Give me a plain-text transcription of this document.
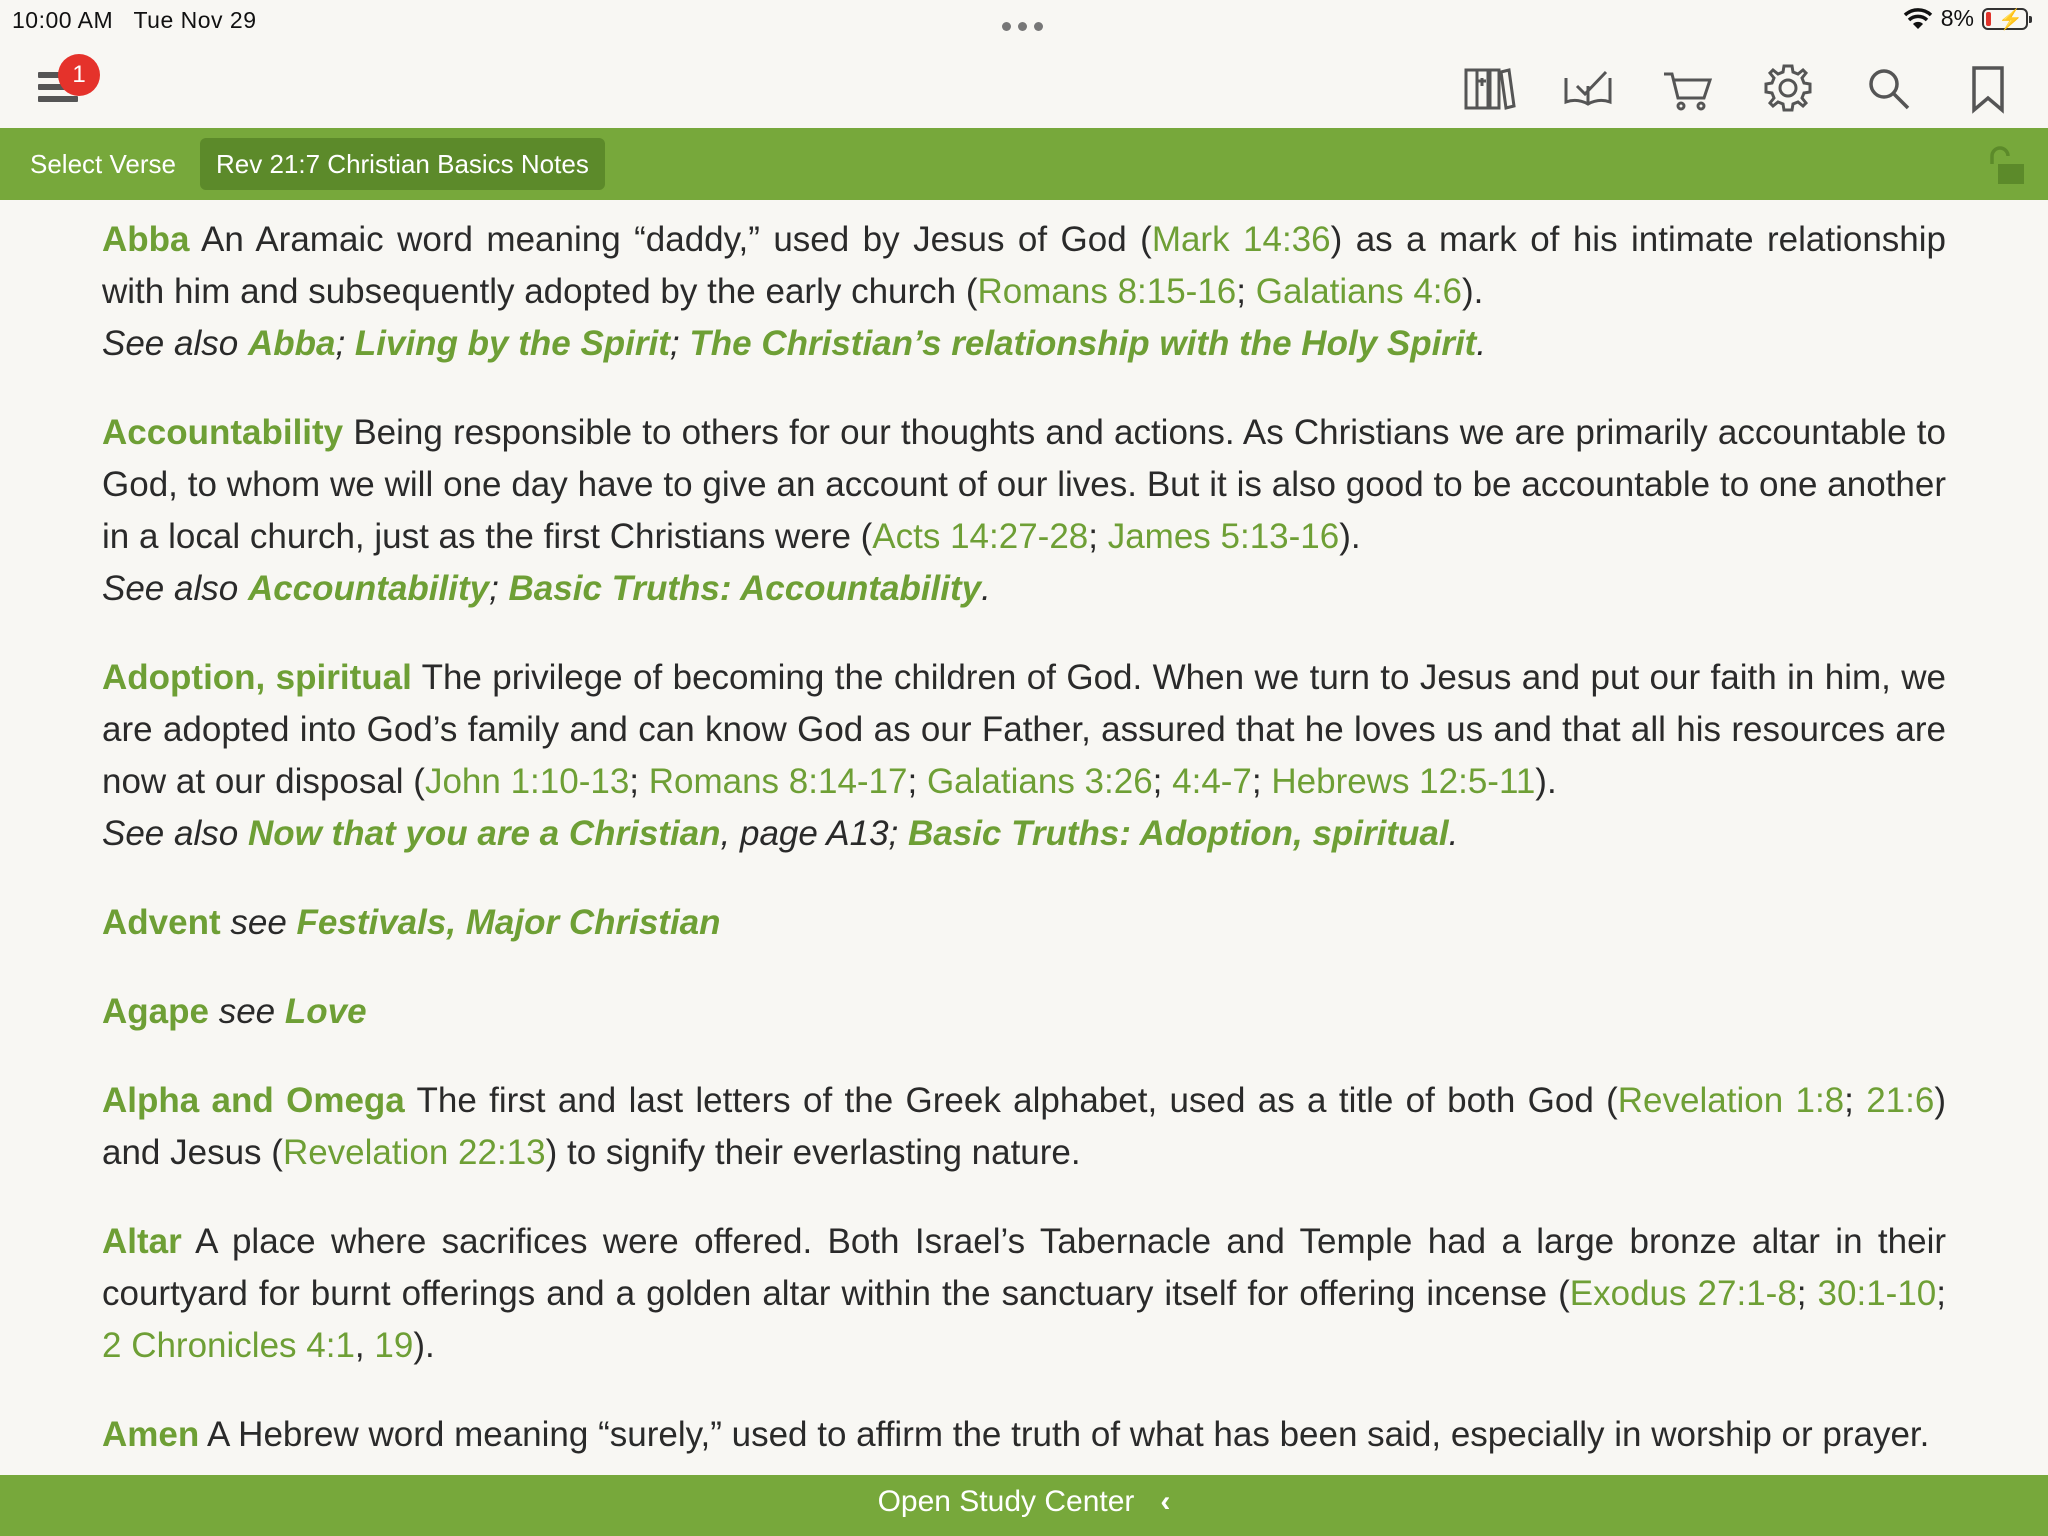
10:00 AM Tue Nov 29	8% ⚡
1
Select Verse	Rev 21:7 Christian Basics Notes
Abba An Aramaic word meaning “daddy,” used by Jesus of God (Mark 14:36) as a mark of his intimate relationship with him and subsequently adopted by the early church (Romans 8:15-16; Galatians 4:6).
See also Abba; Living by the Spirit; The Christian’s relationship with the Holy Spirit.
Accountability Being responsible to others for our thoughts and actions. As Christians we are primarily accountable to God, to whom we will one day have to give an account of our lives. But it is also good to be accountable to one another in a local church, just as the first Christians were (Acts 14:27-28; James 5:13-16).
See also Accountability; Basic Truths: Accountability.
Adoption, spiritual The privilege of becoming the children of God. When we turn to Jesus and put our faith in him, we are adopted into God’s family and can know God as our Father, assured that he loves us and that all his resources are now at our disposal (John 1:10-13; Romans 8:14-17; Galatians 3:26; 4:4-7; Hebrews 12:5-11).
See also Now that you are a Christian, page A13; Basic Truths: Adoption, spiritual.
Advent see Festivals, Major Christian
Agape see Love
Alpha and Omega The first and last letters of the Greek alphabet, used as a title of both God (Revelation 1:8; 21:6) and Jesus (Revelation 22:13) to signify their everlasting nature.
Altar A place where sacrifices were offered. Both Israel’s Tabernacle and Temple had a large bronze altar in their courtyard for burnt offerings and a golden altar within the sanctuary itself for offering incense (Exodus 27:1-8; 30:1-10; 2 Chronicles 4:1, 19).
Amen A Hebrew word meaning “surely,” used to affirm the truth of what has been said, especially in worship or prayer.
Open Study Center ‹
